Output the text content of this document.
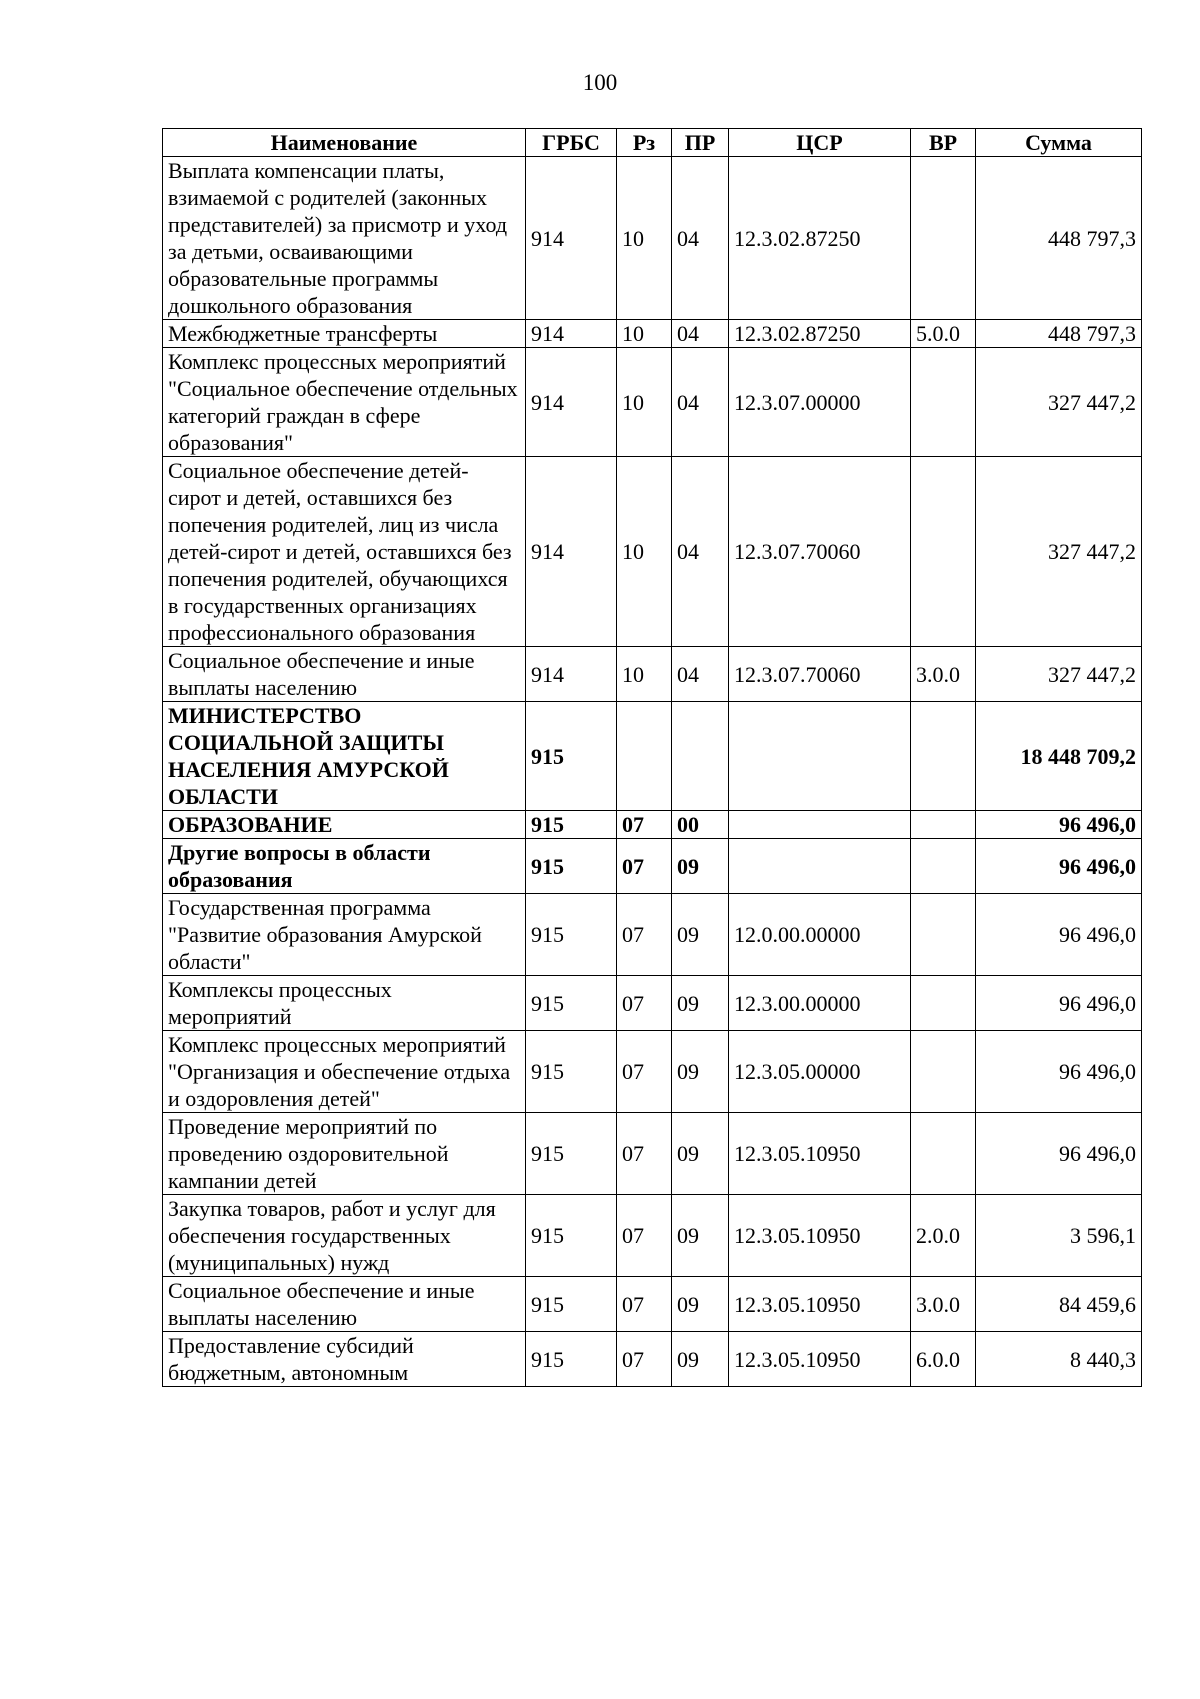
100
Наименование	ГРБС	Рз	ПР	ЦСР	ВР	Сумма
Выплата компенсации платы, взимаемой с родителей (законных представителей) за присмотр и уход за детьми, осваивающими образовательные программы дошкольного образования	914	10	04	12.3.02.87250		448 797,3
Межбюджетные трансферты	914	10	04	12.3.02.87250	5.0.0	448 797,3
Комплекс процессных мероприятий "Социальное обеспечение отдельных категорий граждан в сфере образования"	914	10	04	12.3.07.00000		327 447,2
Социальное обеспечение детей-сирот и детей, оставшихся без попечения родителей, лиц из числа детей-сирот и детей, оставшихся без попечения родителей, обучающихся в государственных организациях профессионального образования	914	10	04	12.3.07.70060		327 447,2
Социальное обеспечение и иные выплаты населению	914	10	04	12.3.07.70060	3.0.0	327 447,2
МИНИСТЕРСТВО СОЦИАЛЬНОЙ ЗАЩИТЫ НАСЕЛЕНИЯ АМУРСКОЙ ОБЛАСТИ	915					18 448 709,2
ОБРАЗОВАНИЕ	915	07	00			96 496,0
Другие вопросы в области образования	915	07	09			96 496,0
Государственная программа "Развитие образования Амурской области"	915	07	09	12.0.00.00000		96 496,0
Комплексы процессных мероприятий	915	07	09	12.3.00.00000		96 496,0
Комплекс процессных мероприятий "Организация и обеспечение отдыха и оздоровления детей"	915	07	09	12.3.05.00000		96 496,0
Проведение мероприятий по проведению оздоровительной кампании детей	915	07	09	12.3.05.10950		96 496,0
Закупка товаров, работ и услуг для обеспечения государственных (муниципальных) нужд	915	07	09	12.3.05.10950	2.0.0	3 596,1
Социальное обеспечение и иные выплаты населению	915	07	09	12.3.05.10950	3.0.0	84 459,6
Предоставление субсидий бюджетным, автономным	915	07	09	12.3.05.10950	6.0.0	8 440,3
